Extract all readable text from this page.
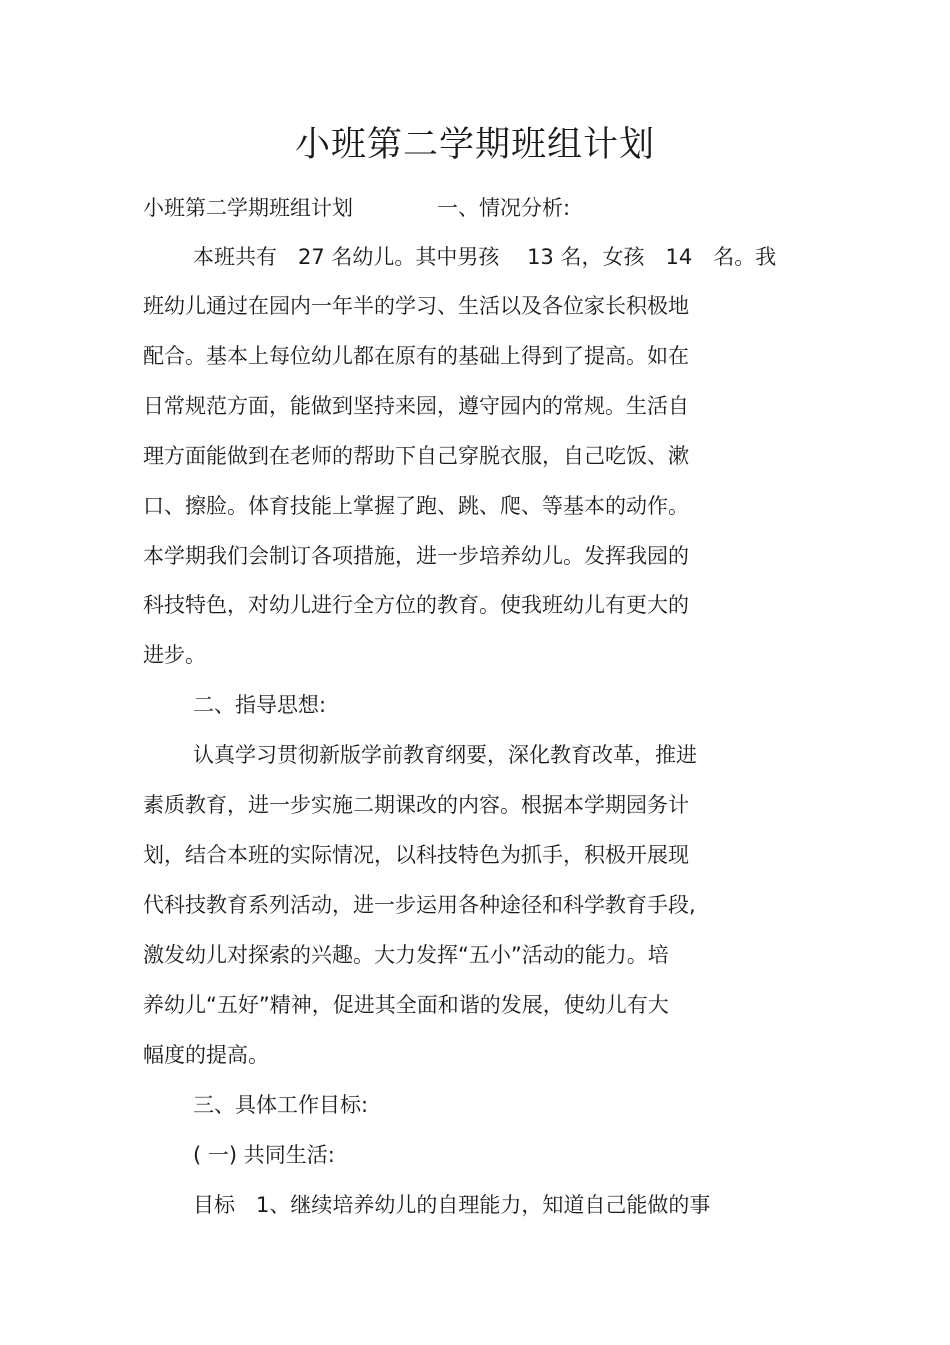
小班第二学期班组计划

小班第二学期班组计划　　　　一、情况分析:

本班共有　27 名幼儿。其中男孩　 13 名，女孩　14　名。我

班幼儿通过在园内一年半的学习、生活以及各位家长积极地

配合。基本上每位幼儿都在原有的基础上得到了提高。如在

日常规范方面，能做到坚持来园，遵守园内的常规。生活自

理方面能做到在老师的帮助下自己穿脱衣服，自己吃饭、漱

口、擦脸。体育技能上掌握了跑、跳、爬、等基本的动作。

本学期我们会制订各项措施，进一步培养幼儿。发挥我园的

科技特色，对幼儿进行全方位的教育。使我班幼儿有更大的

进步。

二、指导思想:

认真学习贯彻新版学前教育纲要，深化教育改革，推进

素质教育，进一步实施二期课改的内容。根据本学期园务计

划，结合本班的实际情况，以科技特色为抓手，积极开展现

代科技教育系列活动，进一步运用各种途径和科学教育手段,

激发幼儿对探索的兴趣。大力发挥“五小”活动的能力。培

养幼儿“五好”精神，促进其全面和谐的发展，使幼儿有大

幅度的提高。

三、具体工作目标:

( 一) 共同生活:

目标　1、继续培养幼儿的自理能力，知道自己能做的事
